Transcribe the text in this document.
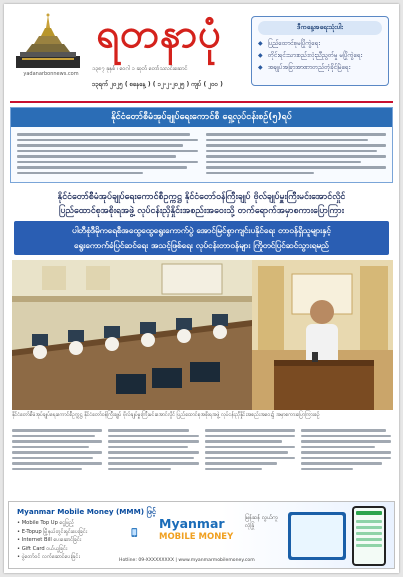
yadanarbonnews.com
ရတနာပုံ
၁၃၈၇ ခုနှစ် ၊ ဝေဂါ ၁ ဆုတ် တော်သလင်းဆောင်
၁၃ရက် ၂၀၂၅ ( စနေနေ့ ) ( ၁၂-၂-၂၀၂၅ ) ကျပ် ( ၂၀၀ )
ဒီကနေ့အရေးသုံးပါး
◆ ပြည်ထောင်စုမပြိုကွဲရေး
◆ တိုင်းရင်းသားစည်းလုံးညီညွတ်မှု မပြိုကွဲရေး
◆ အချုပ်အခြာအာဏာတည်တံ့ခိုင်မြဲရေး
နိုင်ငံတော်စီမံအုပ်ချုပ်ရေးကောင်စီ ရှေ့လုပ်ငန်းစဉ်(၅)ရပ်
နိုင်ငံတော်စီမံအုပ်ချုပ်ရေးကောင်စီဥက္ကဋ္ဌ နိုင်ငံတော်ဝန်ကြီးချုပ် ဗိုလ်ချုပ်မှူးကြီးမင်းအောင်လှိုင်
ပြည်ထောင်စုအစိုးရအဖွဲ့ လုပ်ငန်းညှိနှိုင်းအစည်းအဝေးသို့ တက်ရောက်အမှာစကားပြောကြား
ပါတီစုံဒီမိုကရေစီအထွေထွေရွေးကောက်ပွဲ အောင်မြင်စွာကျင်းပနိုင်ရေး တာဝန်ရှိသူများနှင့်
ရွေးကောက်ခံပြင်ဆင်ရေး အသင့်ဖြစ်ရေး လုပ်ငန်းတာဝန်များ ကြိုတင်ပြင်ဆင်သွားရမည်
နိုင်ငံတော်စီမံအုပ်ချုပ်ရေးကောင်စီဥက္ကဋ္ဌ နိုင်ငံတော်ဝန်ကြီးချုပ် ဗိုလ်ချုပ်မှူးကြီးမင်းအောင်လှိုင် ပြည်ထောင်စုအစိုးရအဖွဲ့ လုပ်ငန်းညှိနှိုင်းအစည်းအဝေး၌ အမှာစကားပြောကြားစဉ်
Myanmar Mobile Money (MMM) ဖြင့်
• Mobile Top Up ငွေဖြည့်
• E-Topup မြို့နယ်တွင်းရှင်းပေးခြင်း
• Internet Bill ပေးဆောင်ခြင်း
• Gift Card ဝယ်ယူခြင်း
• ပွဲတော်ဝင် လက်ဆောင်ပေးခြင်း
Myanmar
MOBILE MONEY
မြန်ဆန် လွယ်ကူ လုံခြုံ
Hotline: 09-XXXXXXXXX | www.myanmarmobilemoney.com
